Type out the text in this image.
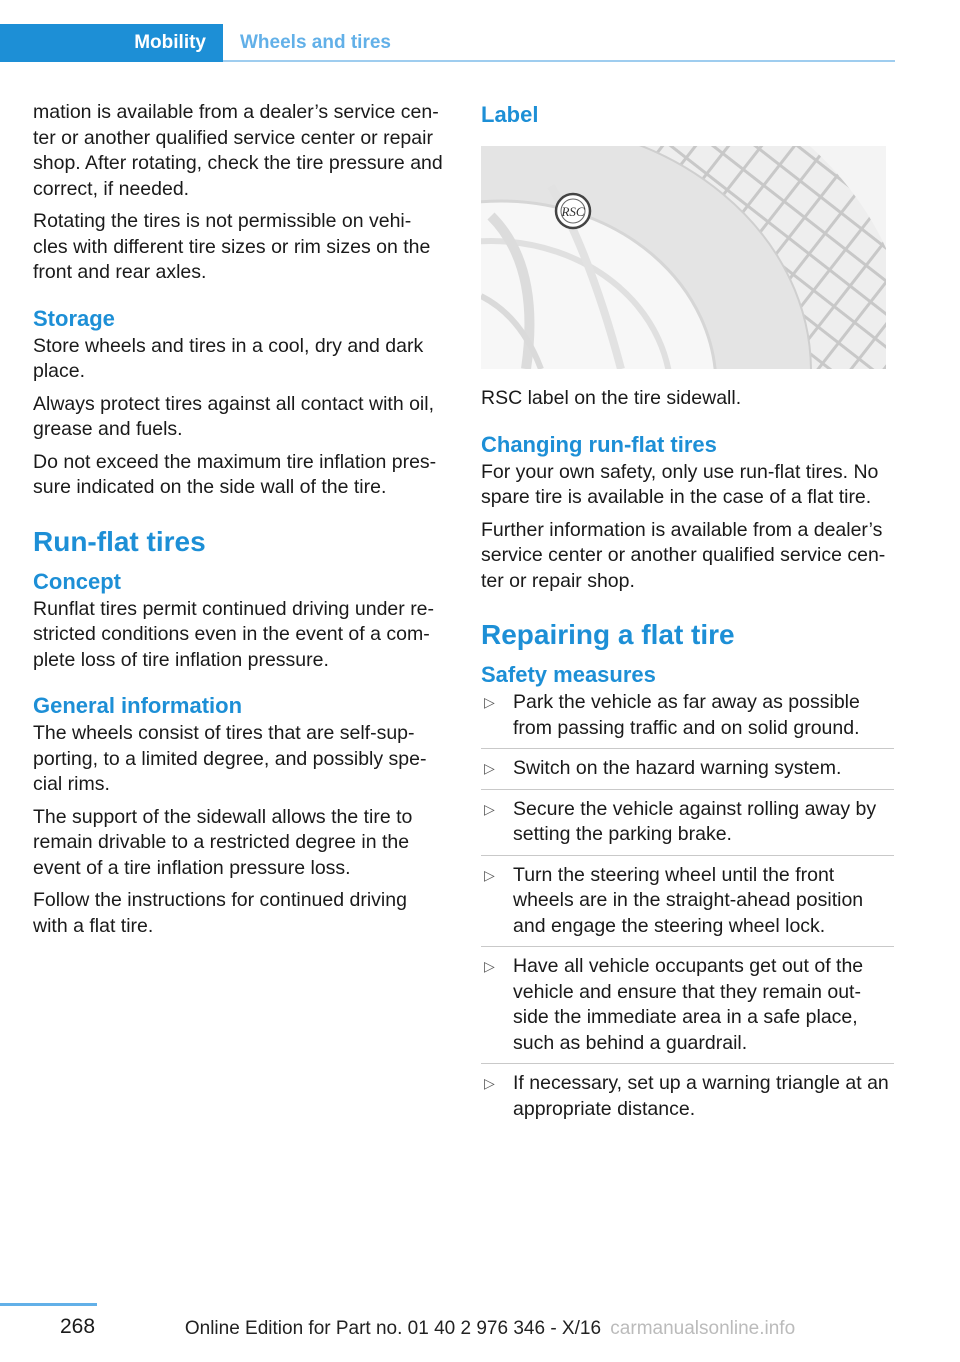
Mobility	Wheels and tires

mation is available from a dealer’s service cen- ter or another qualified service center or repair shop. After rotating, check the tire pressure and correct, if needed.

Rotating the tires is not permissible on vehi- cles with different tire sizes or rim sizes on the front and rear axles.

Storage

Store wheels and tires in a cool, dry and dark place.

Always protect tires against all contact with oil, grease and fuels.

Do not exceed the maximum tire inflation pres- sure indicated on the side wall of the tire.

Run-flat tires
Concept

Runflat tires permit continued driving under re- stricted conditions even in the event of a com- plete loss of tire inflation pressure.

General information

The wheels consist of tires that are self-sup- porting, to a limited degree, and possibly spe- cial rims.

The support of the sidewall allows the tire to remain drivable to a restricted degree in the event of a tire inflation pressure loss.

Follow the instructions for continued driving with a flat tire.

Label
RSC

RSC label on the tire sidewall.

Changing run-flat tires

For your own safety, only use run-flat tires. No spare tire is available in the case of a flat tire.

Further information is available from a dealer’s service center or another qualified service cen- ter or repair shop.

Repairing a flat tire
Safety measures
▷ Park the vehicle as far away as possible from passing traffic and on solid ground.
▷ Switch on the hazard warning system.
▷ Secure the vehicle against rolling away by setting the parking brake.
▷ Turn the steering wheel until the front wheels are in the straight-ahead position and engage the steering wheel lock.
▷ Have all vehicle occupants get out of the vehicle and ensure that they remain out- side the immediate area in a safe place, such as behind a guardrail.
▷ If necessary, set up a warning triangle at an appropriate distance.
268	Online Edition for Part no. 01 40 2 976 346 - X/16 carmanualsonline.info
